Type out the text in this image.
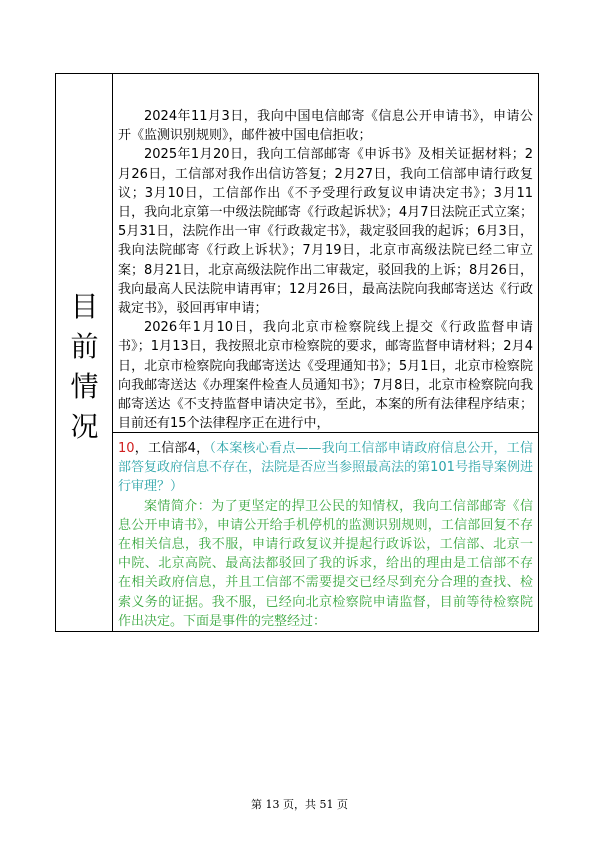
目
前
情
况

2024年11月3日，我向中国电信邮寄《信息公开申请书》，申请公开《监测识别规则》，邮件被中国电信拒收；

2025年1月20日，我向工信部邮寄《申诉书》及相关证据材料；2月26日，工信部对我作出信访答复；2月27日，我向工信部申请行政复议；3月10日，工信部作出《不予受理行政复议申请决定书》；3月11日，我向北京第一中级法院邮寄《行政起诉状》；4月7日法院正式立案；5月31日，法院作出一审《行政裁定书》，裁定驳回我的起诉；6月3日，我向法院邮寄《行政上诉状》；7月19日，北京市高级法院已经二审立案；8月21日，北京高级法院作出二审裁定，驳回我的上诉；8月26日，我向最高人民法院申请再审；12月26日，最高法院向我邮寄送达《行政裁定书》，驳回再审申请；

2026年1月10日，我向北京市检察院线上提交《行政监督申请书》；1月13日，我按照北京市检察院的要求，邮寄监督申请材料；2月4日，北京市检察院向我邮寄送达《受理通知书》；5月1日，北京市检察院向我邮寄送达《办理案件检查人员通知书》；7月8日，北京市检察院向我邮寄送达《不支持监督申请决定书》，至此，本案的所有法律程序结束；目前还有15个法律程序正在进行中，

10，工信部4，（本案核心看点——我向工信部申请政府信息公开，工信部答复政府信息不存在，法院是否应当参照最高法的第101号指导案例进行审理？）

案情简介：为了更坚定的捍卫公民的知情权，我向工信部邮寄《信息公开申请书》，申请公开给手机停机的监测识别规则，工信部回复不存在相关信息，我不服，申请行政复议并提起行政诉讼，工信部、北京一中院、北京高院、最高法都驳回了我的诉求，给出的理由是工信部不存在相关政府信息，并且工信部不需要提交已经尽到充分合理的查找、检索义务的证据。我不服，已经向北京检察院申请监督，目前等待检察院作出决定。下面是事件的完整经过：

第 13 页，共 51 页
